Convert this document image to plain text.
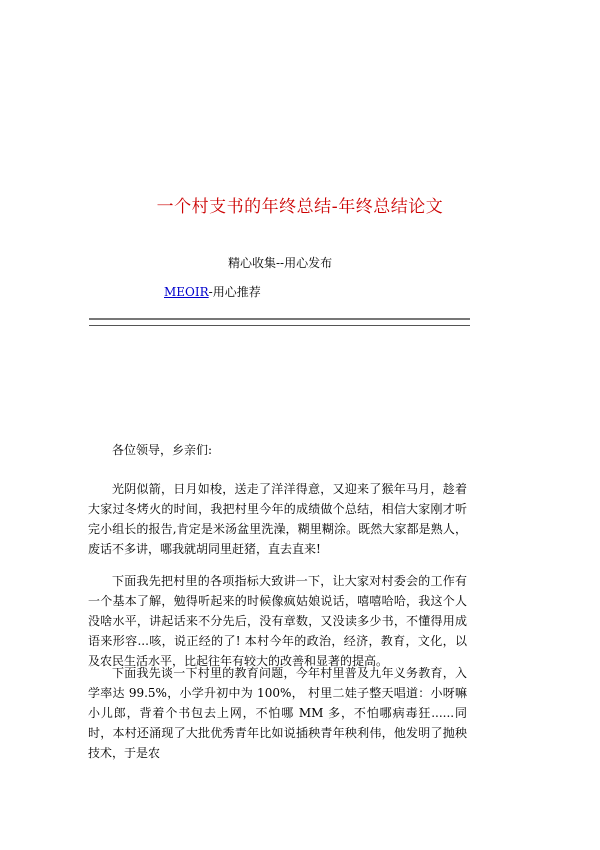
一个村支书的年终总结-年终总结论文
精心收集--用心发布
MEOIR-用心推荐

各位领导，乡亲们:

光阴似箭，日月如梭，送走了洋洋得意，又迎来了猴年马月，趁着大家过冬烤火的时间，我把村里今年的成绩做个总结，相信大家刚才听完小组长的报告,肯定是米汤盆里洗澡，糊里糊涂。既然大家都是熟人，废话不多讲，哪我就胡同里赶猪，直去直来!

下面我先把村里的各项指标大致讲一下，让大家对村委会的工作有一个基本了解，勉得听起来的时候像疯姑娘说话，嘻嘻哈哈，我这个人没啥水平，讲起话来不分先后，没有章数，又没读多少书，不懂得用成语来形容...咳，说正经的了! 本村今年的政治，经济，教育，文化，以及农民生活水平，比起往年有较大的改善和显著的提高。

下面我先谈一下村里的教育问题，今年村里普及九年义务教育，入学率达 99.5%，小学升初中为 100%， 村里二娃子整天唱道：小呀嘛小儿郎，背着个书包去上网，不怕哪 MM 多，不怕哪病毒狂......同时，本村还涌现了大批优秀青年比如说插秧青年秧利伟，他发明了抛秧技术，于是农
